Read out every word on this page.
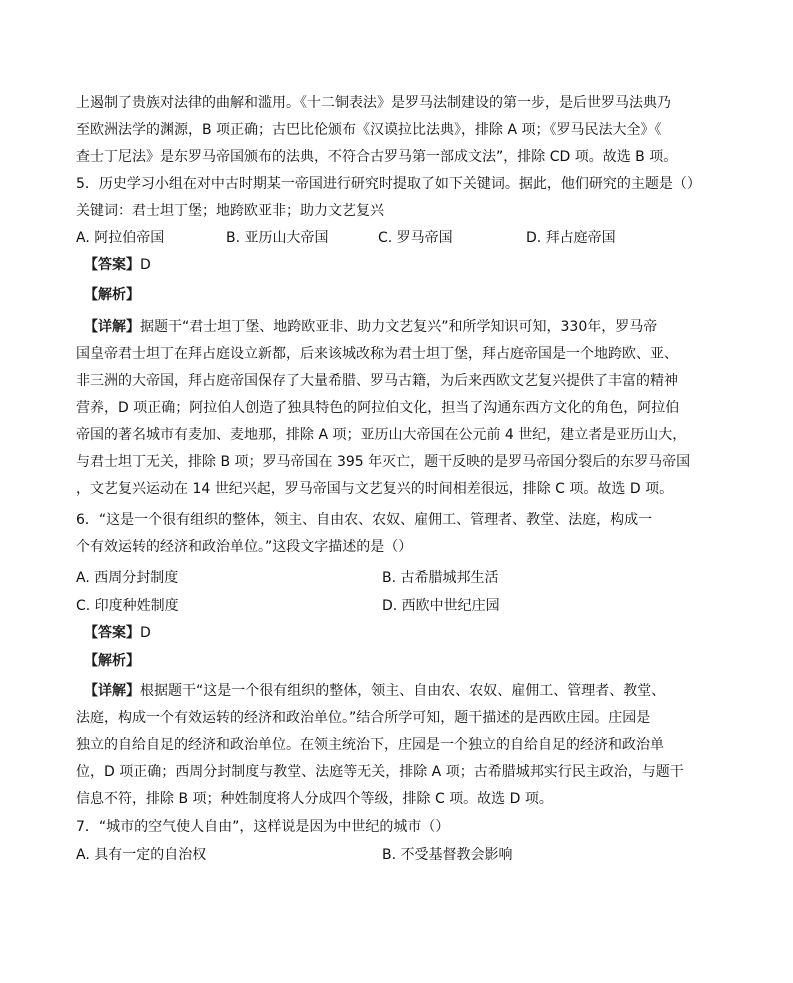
上遏制了贵族对法律的曲解和滥用。《十二铜表法》是罗马法制建设的第一步，是后世罗马法典乃
至欧洲法学的渊源，B 项正确；古巴比伦颁布《汉谟拉比法典》，排除 A 项；《罗马民法大全》《
查士丁尼法》是东罗马帝国颁布的法典，不符合古罗马第一部成文法”，排除 CD 项。故选 B 项。
5．历史学习小组在对中古时期某一帝国进行研究时提取了如下关键词。据此，他们研究的主题是（）
关键词：君士坦丁堡；地跨欧亚非；助力文艺复兴
A. 阿拉伯帝国	B. 亚历山大帝国	C. 罗马帝国	D. 拜占庭帝国
【答案】D
【解析】
【详解】据题干“君士坦丁堡、地跨欧亚非、助力文艺复兴”和所学知识可知，330年，罗马帝
国皇帝君士坦丁在拜占庭设立新都，后来该城改称为君士坦丁堡，拜占庭帝国是一个地跨欧、亚、
非三洲的大帝国，拜占庭帝国保存了大量希腊、罗马古籍，为后来西欧文艺复兴提供了丰富的精神
营养，D 项正确；阿拉伯人创造了独具特色的阿拉伯文化，担当了沟通东西方文化的角色，阿拉伯
帝国的著名城市有麦加、麦地那，排除 A 项；亚历山大帝国在公元前 4 世纪，建立者是亚历山大，
与君士坦丁无关，排除 B 项；罗马帝国在 395 年灭亡，题干反映的是罗马帝国分裂后的东罗马帝国
，文艺复兴运动在 14 世纪兴起，罗马帝国与文艺复兴的时间相差很远，排除 C 项。故选 D 项。
6．“这是一个很有组织的整体，领主、自由农、农奴、雇佣工、管理者、教堂、法庭，构成一
个有效运转的经济和政治单位。”这段文字描述的是（）
A. 西周分封制度	B. 古希腊城邦生活
C. 印度种姓制度	D. 西欧中世纪庄园
【答案】D
【解析】
【详解】根据题干“这是一个很有组织的整体，领主、自由农、农奴、雇佣工、管理者、教堂、
法庭，构成一个有效运转的经济和政治单位。”结合所学可知，题干描述的是西欧庄园。庄园是
独立的自给自足的经济和政治单位。在领主统治下，庄园是一个独立的自给自足的经济和政治单
位，D 项正确；西周分封制度与教堂、法庭等无关，排除 A 项；古希腊城邦实行民主政治，与题干
信息不符，排除 B 项；种姓制度将人分成四个等级，排除 C 项。故选 D 项。
7．“城市的空气使人自由”，这样说是因为中世纪的城市（）
A. 具有一定的自治权	B. 不受基督教会影响
